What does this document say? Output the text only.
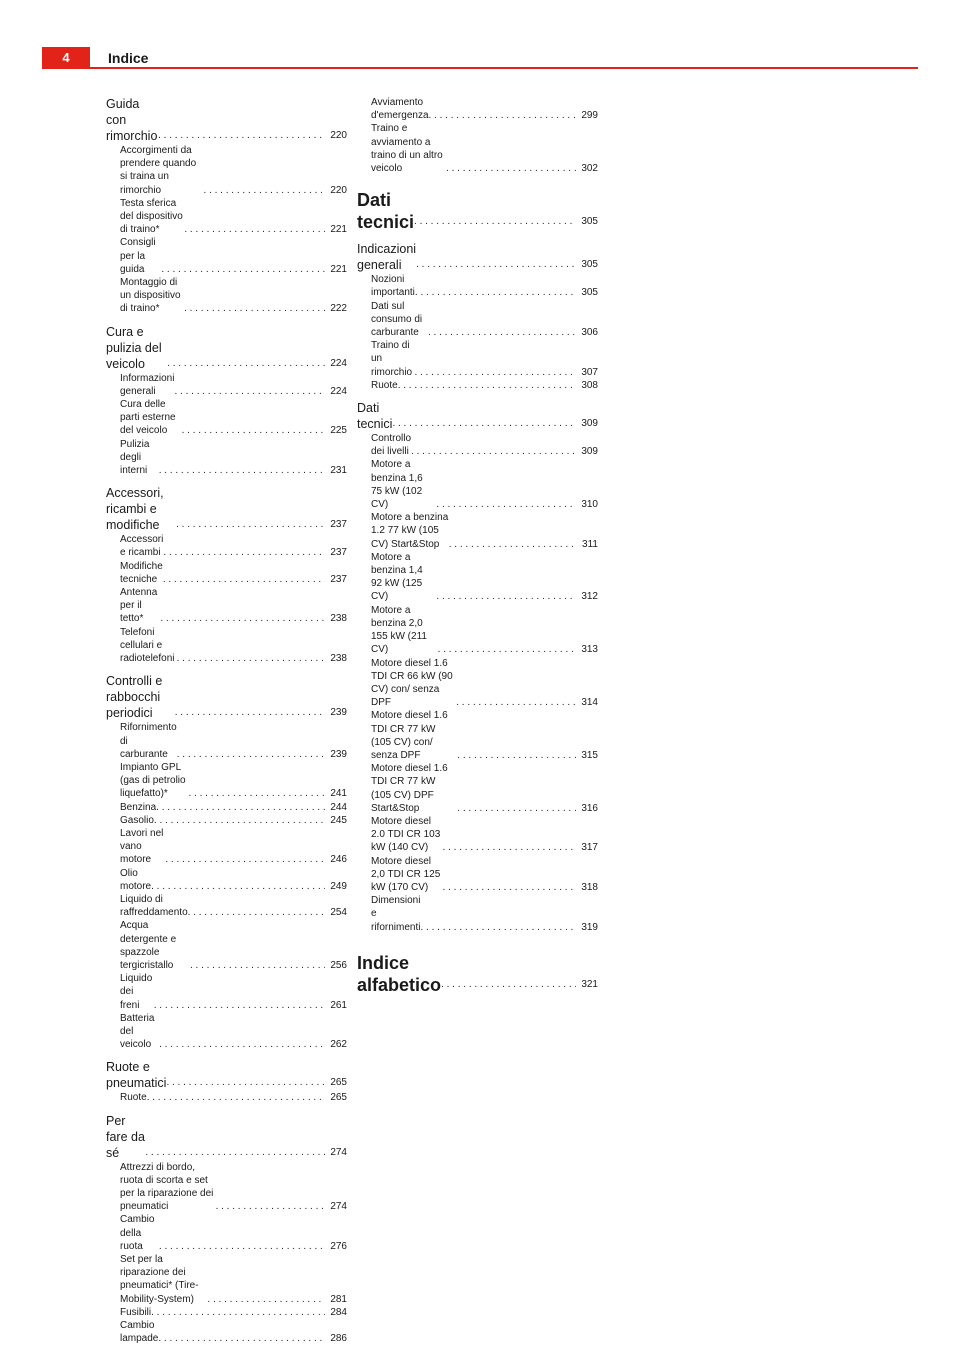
4	Indice
Guida con rimorchio . . .	220
Accorgimenti da prendere quando si traina un rimorchio . . .	220
Testa sferica del dispositivo di traino* . . .	221
Consigli per la guida . . .	221
Montaggio di un dispositivo di traino* . . .	222
Cura e pulizia del veicolo . . .	224
Informazioni generali . . .	224
Cura delle parti esterne del veicolo . . .	225
Pulizia degli interni . . .	231
Accessori, ricambi e modifiche . . .	237
Accessori e ricambi . . .	237
Modifiche tecniche . . .	237
Antenna per il tetto* . . .	238
Telefoni cellulari e radiotelefoni . . .	238
Controlli e rabbocchi periodici . . .	239
Rifornimento di carburante . . .	239
Impianto GPL (gas di petrolio liquefatto)* . . .	241
Benzina . . .	244
Gasolio . . .	245
Lavori nel vano motore . . .	246
Olio motore . . .	249
Liquido di raffreddamento . . .	254
Acqua detergente e spazzole tergicristallo . . .	256
Liquido dei freni . . .	261
Batteria del veicolo . . .	262
Ruote e pneumatici . . .	265
Ruote . . .	265
Per fare da sé . . .	274
Attrezzi di bordo, ruota di scorta e set per la riparazione dei pneumatici . . .	274
Cambio della ruota . . .	276
Set per la riparazione dei pneumatici* (Tire-Mobility-System) . . .	281
Fusibili . . .	284
Cambio lampade . . .	286
Avviamento d'emergenza . . .	299
Traino e avviamento a traino di un altro veicolo . . .	302
Dati tecnici . . .	305
Indicazioni generali . . .	305
Nozioni importanti . . .	305
Dati sul consumo di carburante . . .	306
Traino di un rimorchio . . .	307
Ruote . . .	308
Dati tecnici . . .	309
Controllo dei livelli . . .	309
Motore a benzina 1,6 75 kW (102 CV) . . .	310
Motore a benzina 1.2 77 kW (105 CV) Start&Stop . . .	311
Motore a benzina 1,4 92 kW (125 CV) . . .	312
Motore a benzina 2,0 155 kW (211 CV) . . .	313
Motore diesel 1.6 TDI CR 66 kW (90 CV) con/ senza DPF . . .	314
Motore diesel 1.6 TDI CR 77 kW (105 CV) con/ senza DPF . . .	315
Motore diesel 1.6 TDI CR 77 kW (105 CV) DPF Start&Stop . . .	316
Motore diesel 2.0 TDI CR 103 kW (140 CV) . . .	317
Motore diesel 2,0 TDI CR 125 kW (170 CV) . . .	318
Dimensioni e rifornimenti . . .	319
Indice alfabetico . . .	321
